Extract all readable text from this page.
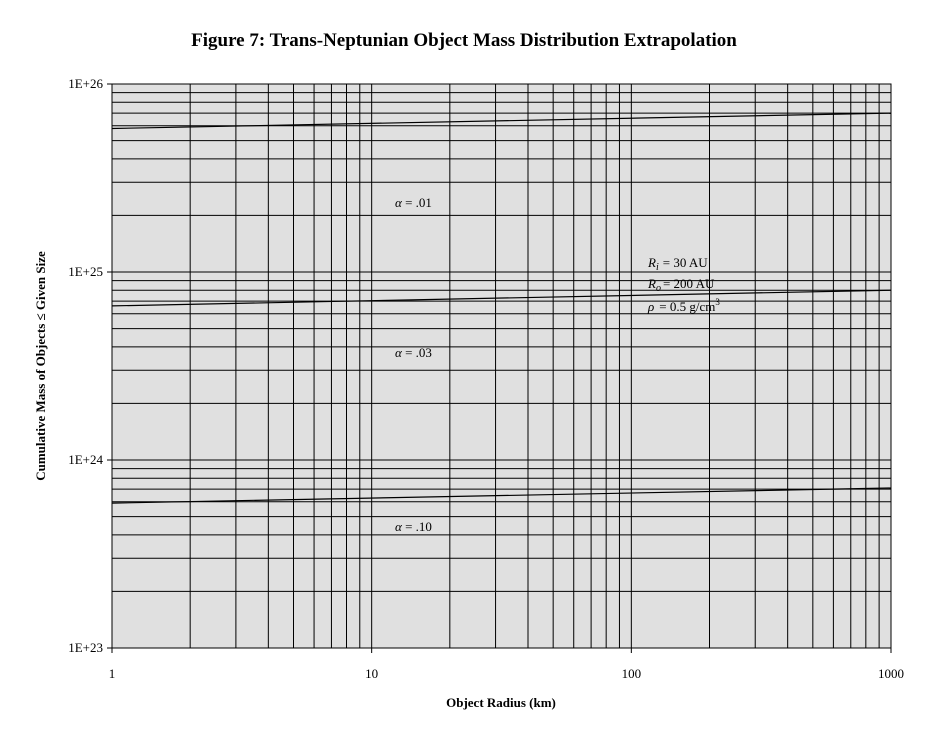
Figure 7: Trans-Neptunian Object Mass Distribution Extrapolation
1	10	100	1000
1E+23
1E+24
1E+25
1E+26
α = .01
α = .03
α = .10
Object Radius (km)
Cumulative Mass of Objects ≤ Given Size	$R_i = 30$ AU
$R_o = 200$ AU
ρ = 0.5 $g/cm^3$
